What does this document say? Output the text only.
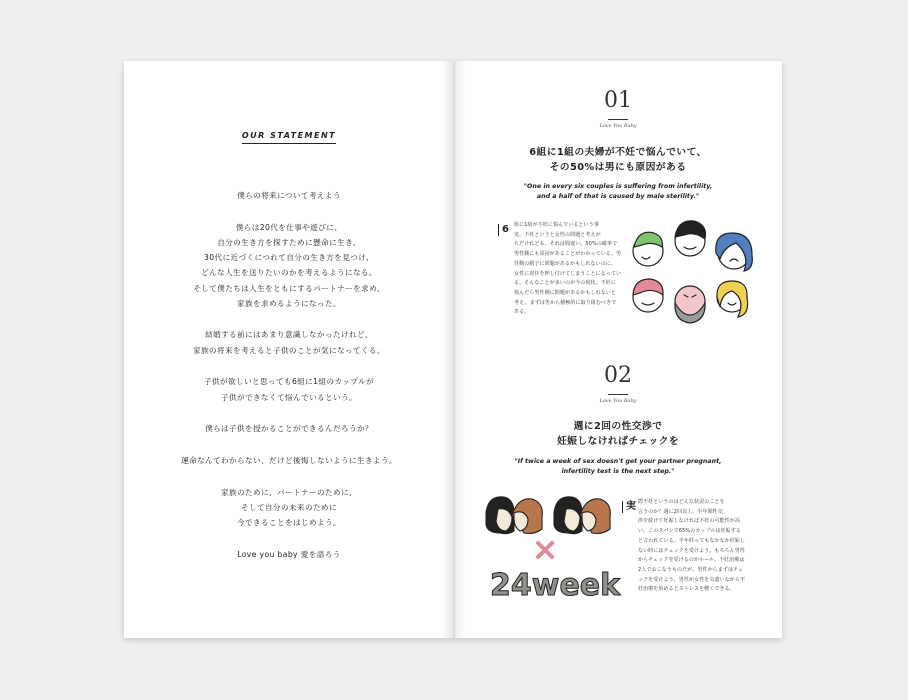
OUR STATEMENT
僕らの将来について考えよう
僕らは20代を仕事や遊びに、
自分の生き方を探すために懸命に生き、
30代に近づくにつれて自分の生き方を見つけ、
どんな人生を送りたいのかを考えるようになる。
そして僕たちは人生をともにするパートナーを求め、
家族を求めるようになった。
結婚する前にはあまり意識しなかったけれど、
家族の将来を考えると子供のことが気になってくる。
子供が欲しいと思っても6組に1組のカップルが
子供ができなくて悩んでいるという。
僕らは子供を授かることができるんだろうか？
運命なんてわからない、だけど後悔しないように生きよう。
家族のために、パートナーのために、
そして自分の未来のために
今できることをはじめよう。
Love you baby 愛を語ろう
01
Love You Baby
6組に1組の夫婦が不妊で悩んでいて、
その50%は男にも原因がある
"One in every six couples is suffering from infertility,
and a half of that is caused by male sterility."
6 組に1組が不妊に悩んでいるという事
実。不妊というと女性の問題と考えが
ちだけれども、それは間違い。50%の確率で
男性側にも原因があることがわかっている。男
性側の精子に問題があるかもしれないのに、
女性に責任を押し付けてしまうことになってい
る。そんなことが多いのが今の現状。不妊に
悩んだら男性側に問題があるかもしれないと
考え、まずは男から積極的に取り組むべきで
ある。
02
Love You Baby
週に2回の性交渉で
妊娠しなければチェックを
"If twice a week of sex doesn't get your partner pregnant,
infertility test is the next step."
24week
実 際不妊というのはどんな状況のことを
言うのか？週に2回以上、半年間性交
渉を続けて妊娠しなければ不妊の可能性が高
い。このスパンで65%のカップルは妊娠する
と言われている。半年経ってもなかなか妊娠し
ない時にはチェックを受けよう。もちろん男性
からチェックを受けるのがルール。不妊治療は
2人でおこなうものだが、男性からまずはチェ
ックを受けよう。男性が女性を気遣いながら不
妊治療を始めるとストレスを軽くできる。
